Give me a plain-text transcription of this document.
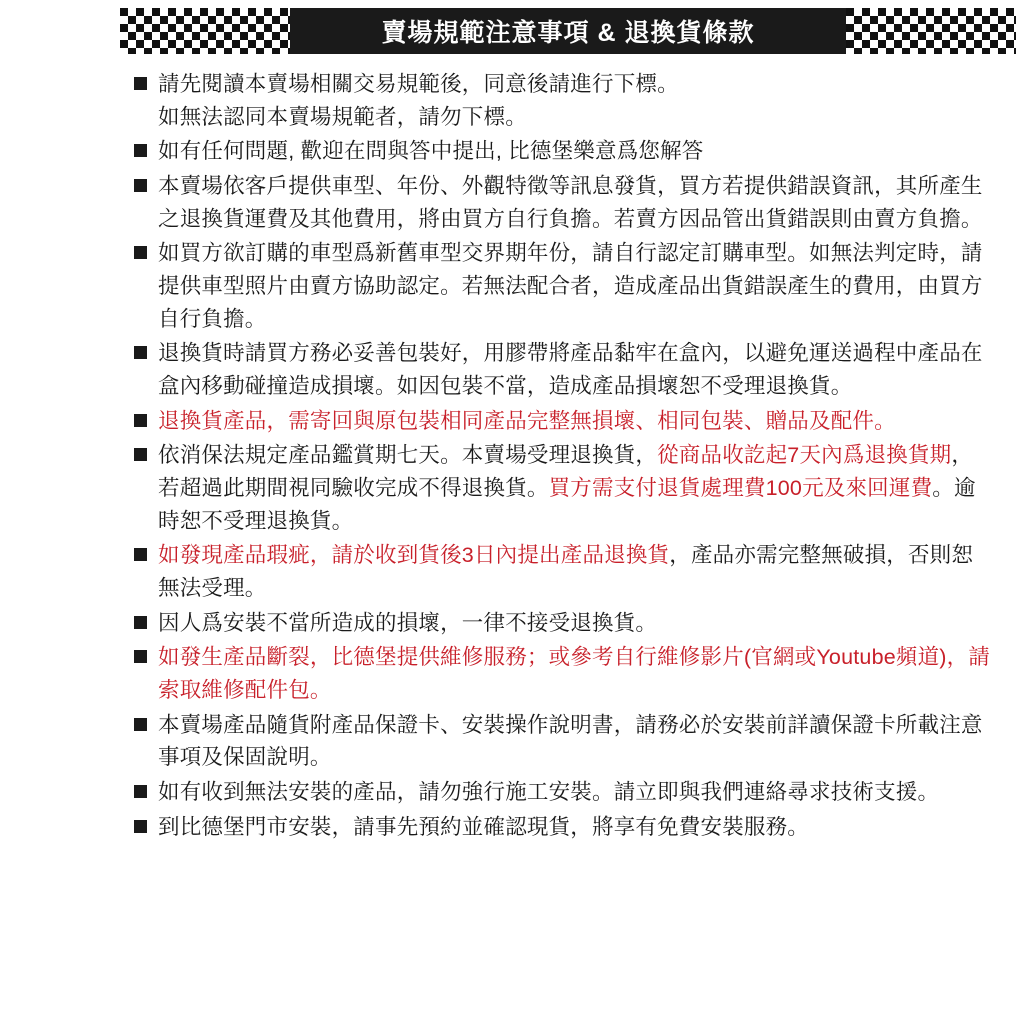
賣場規範注意事項 & 退換貨條款
請先閱讀本賣場相關交易規範後，同意後請進行下標。
如無法認同本賣場規範者，請勿下標。
如有任何問題, 歡迎在問與答中提出, 比德堡樂意爲您解答
本賣場依客戶提供車型、年份、外觀特徵等訊息發貨，買方若提供錯誤資訊，其所產生之退換貨運費及其他費用，將由買方自行負擔。若賣方因品管出貨錯誤則由賣方負擔。
如買方欲訂購的車型爲新舊車型交界期年份，請自行認定訂購車型。如無法判定時，請提供車型照片由賣方協助認定。若無法配合者，造成產品出貨錯誤產生的費用，由買方自行負擔。
退換貨時請買方務必妥善包裝好，用膠帶將產品黏牢在盒內，以避免運送過程中產品在盒內移動碰撞造成損壞。如因包裝不當，造成產品損壞恕不受理退換貨。
退換貨產品，需寄回與原包裝相同產品完整無損壞、相同包裝、贈品及配件。
依消保法規定產品鑑賞期七天。本賣場受理退換貨，從商品收訖起7天內爲退換貨期，若超過此期間視同驗收完成不得退換貨。買方需支付退貨處理費100元及來回運費。逾時恕不受理退換貨。
如發現產品瑕疵，請於收到貨後3日內提出產品退換貨，產品亦需完整無破損，否則恕無法受理。
因人爲安裝不當所造成的損壞，一律不接受退換貨。
如發生產品斷裂，比德堡提供維修服務；或參考自行維修影片(官網或Youtube頻道)，請索取維修配件包。
本賣場產品隨貨附產品保證卡、安裝操作說明書，請務必於安裝前詳讀保證卡所載注意事項及保固說明。
如有收到無法安裝的產品，請勿強行施工安裝。請立即與我們連絡尋求技術支援。
到比德堡門市安裝，請事先預約並確認現貨，將享有免費安裝服務。
